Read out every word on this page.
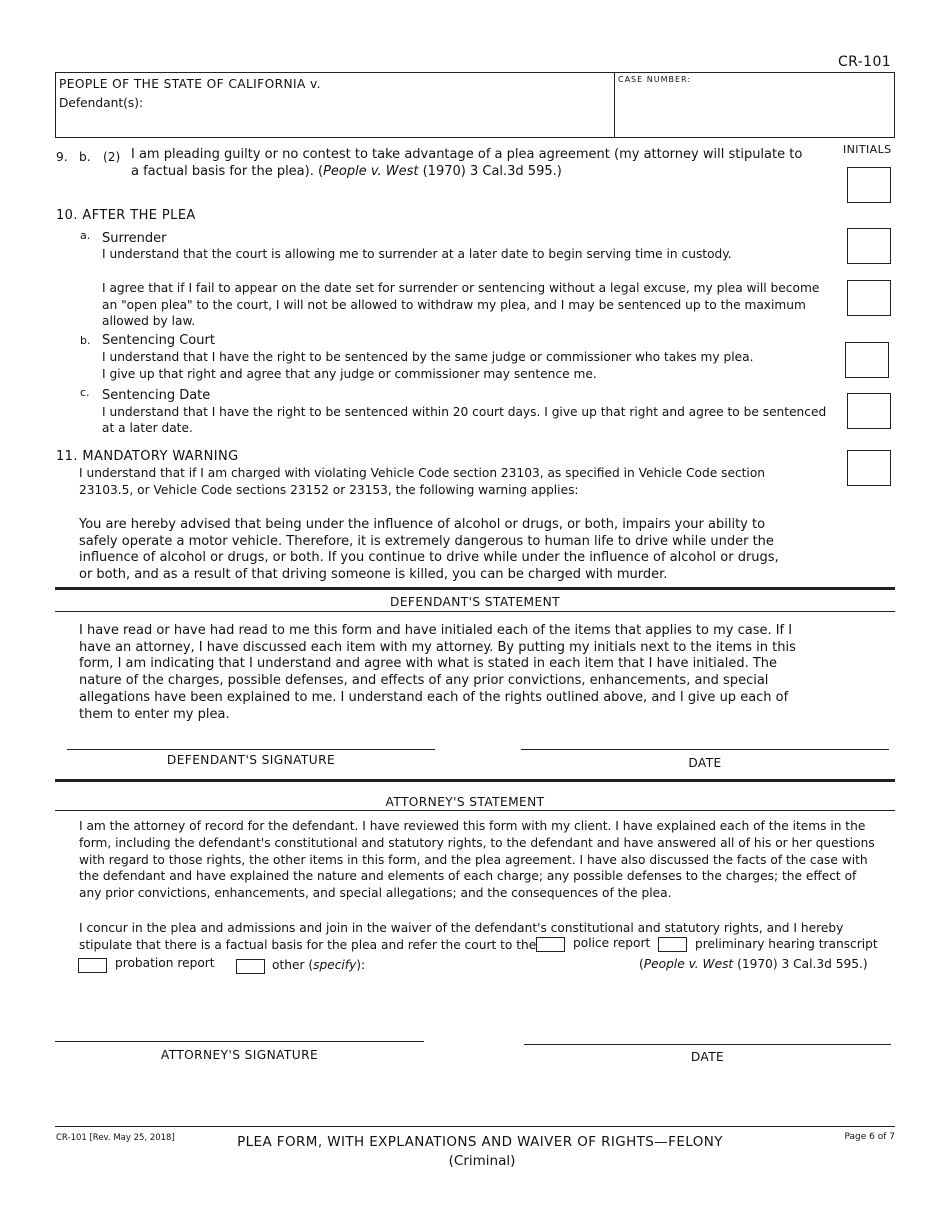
CR-101
PEOPLE OF THE STATE OF CALIFORNIA v.
Defendant(s):
CASE NUMBER:
INITIALS
9. b. (2) I am pleading guilty or no contest to take advantage of a plea agreement (my attorney will stipulate to
a factual basis for the plea). (People v. West (1970) 3 Cal.3d 595.)
10. AFTER THE PLEA
a. Surrender
I understand that the court is allowing me to surrender at a later date to begin serving time in custody.
I agree that if I fail to appear on the date set for surrender or sentencing without a legal excuse, my plea will become
an "open plea" to the court, I will not be allowed to withdraw my plea, and I may be sentenced up to the maximum
allowed by law.
b. Sentencing Court
I understand that I have the right to be sentenced by the same judge or commissioner who takes my plea.
I give up that right and agree that any judge or commissioner may sentence me.
c. Sentencing Date
I understand that I have the right to be sentenced within 20 court days. I give up that right and agree to be sentenced
at a later date.
11. MANDATORY WARNING
I understand that if I am charged with violating Vehicle Code section 23103, as specified in Vehicle Code section
23103.5, or Vehicle Code sections 23152 or 23153, the following warning applies:
You are hereby advised that being under the influence of alcohol or drugs, or both, impairs your ability to
safely operate a motor vehicle. Therefore, it is extremely dangerous to human life to drive while under the
influence of alcohol or drugs, or both. If you continue to drive while under the influence of alcohol or drugs,
or both, and as a result of that driving someone is killed, you can be charged with murder.
DEFENDANT'S STATEMENT
I have read or have had read to me this form and have initialed each of the items that applies to my case. If I
have an attorney, I have discussed each item with my attorney. By putting my initials next to the items in this
form, I am indicating that I understand and agree with what is stated in each item that I have initialed. The
nature of the charges, possible defenses, and effects of any prior convictions, enhancements, and special
allegations have been explained to me. I understand each of the rights outlined above, and I give up each of
them to enter my plea.
DEFENDANT'S SIGNATURE	DATE
ATTORNEY'S STATEMENT
I am the attorney of record for the defendant. I have reviewed this form with my client. I have explained each of the items in the
form, including the defendant's constitutional and statutory rights, to the defendant and have answered all of his or her questions
with regard to those rights, the other items in this form, and the plea agreement. I have also discussed the facts of the case with
the defendant and have explained the nature and elements of each charge; any possible defenses to the charges; the effect of
any prior convictions, enhancements, and special allegations; and the consequences of the plea.
I concur in the plea and admissions and join in the waiver of the defendant's constitutional and statutory rights, and I hereby
stipulate that there is a factual basis for the plea and refer the court to the	police report	preliminary hearing transcript
probation report	other (specify):	(People v. West (1970) 3 Cal.3d 595.)
ATTORNEY'S SIGNATURE	DATE
CR-101 [Rev. May 25, 2018]	PLEA FORM, WITH EXPLANATIONS AND WAIVER OF RIGHTS—FELONY
(Criminal)
Page 6 of 7
